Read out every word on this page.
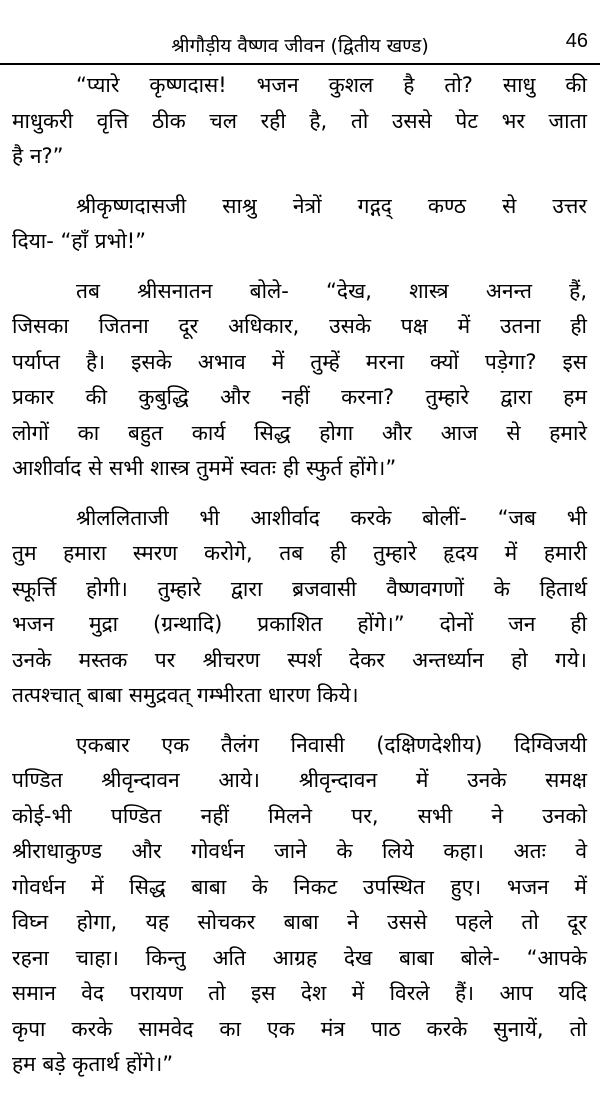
श्रीगौड़ीय वैष्णव जीवन (द्वितीय खण्ड)	46

“प्यारे कृष्णदास! भजन कुशल है तो? साधु की
माधुकरी वृत्ति ठीक चल रही है, तो उससे पेट भर जाता
है न?”

श्रीकृष्णदासजी साश्रु नेत्रों गद्गद् कण्ठ से उत्तर
दिया- “हाँ प्रभो!”

तब श्रीसनातन बोले- “देख, शास्त्र अनन्त हैं,
जिसका जितना दूर अधिकार, उसके पक्ष में उतना ही
पर्याप्त है। इसके अभाव में तुम्हें मरना क्यों पड़ेगा? इस
प्रकार की कुबुद्धि और नहीं करना? तुम्हारे द्वारा हम
लोगों का बहुत कार्य सिद्ध होगा और आज से हमारे
आशीर्वाद से सभी शास्त्र तुममें स्वतः ही स्फुर्त होंगे।”

श्रीललिताजी भी आशीर्वाद करके बोलीं- “जब भी
तुम हमारा स्मरण करोगे, तब ही तुम्हारे हृदय में हमारी
स्फूर्त्ति होगी। तुम्हारे द्वारा ब्रजवासी वैष्णवगणों के हितार्थ
भजन मुद्रा (ग्रन्थादि) प्रकाशित होंगे।” दोनों जन ही
उनके मस्तक पर श्रीचरण स्पर्श देकर अन्तर्ध्यान हो गये।
तत्पश्चात् बाबा समुद्रवत् गम्भीरता धारण किये।

एकबार एक तैलंग निवासी (दक्षिणदेशीय) दिग्विजयी
पण्डित श्रीवृन्दावन आये। श्रीवृन्दावन में उनके समक्ष
कोई-भी पण्डित नहीं मिलने पर, सभी ने उनको
श्रीराधाकुण्ड और गोवर्धन जाने के लिये कहा। अतः वे
गोवर्धन में सिद्ध बाबा के निकट उपस्थित हुए। भजन में
विघ्न होगा, यह सोचकर बाबा ने उससे पहले तो दूर
रहना चाहा। किन्तु अति आग्रह देख बाबा बोले- “आपके
समान वेद परायण तो इस देश में विरले हैं। आप यदि
कृपा करके सामवेद का एक मंत्र पाठ करके सुनायें, तो
हम बड़े कृतार्थ होंगे।”
